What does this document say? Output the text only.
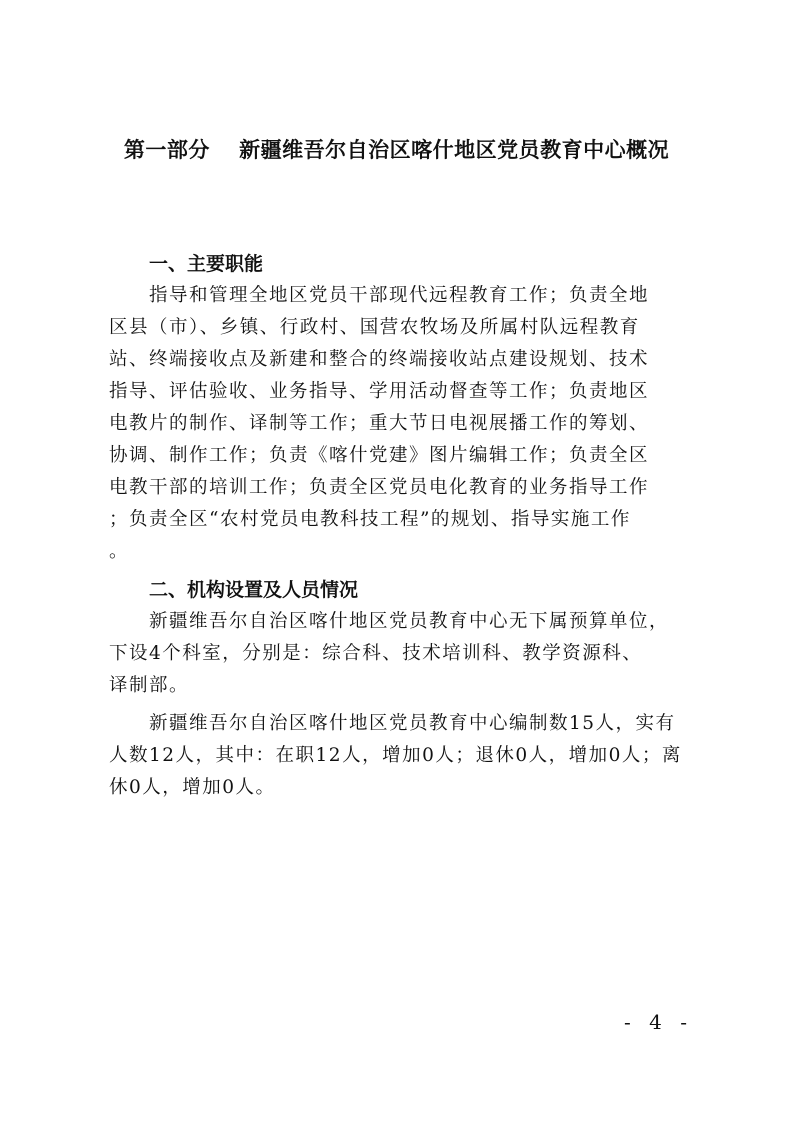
第一部分　 新疆维吾尔自治区喀什地区党员教育中心概况

一、主要职能

指导和管理全地区党员干部现代远程教育工作；负责全地
区县（市）、乡镇、行政村、国营农牧场及所属村队远程教育
站、终端接收点及新建和整合的终端接收站点建设规划、技术
指导、评估验收、业务指导、学用活动督查等工作；负责地区
电教片的制作、译制等工作；重大节日电视展播工作的筹划、
协调、制作工作；负责《喀什党建》图片编辑工作；负责全区
电教干部的培训工作；负责全区党员电化教育的业务指导工作
；负责全区“农村党员电教科技工程”的规划、指导实施工作
。

二、机构设置及人员情况

新疆维吾尔自治区喀什地区党员教育中心无下属预算单位，
下设4个科室，分别是：综合科、技术培训科、教学资源科、
译制部。
新疆维吾尔自治区喀什地区党员教育中心编制数15人，实有
人数12人，其中：在职12人，增加0人；退休0人，增加0人；离
休0人，增加0人。
- 4 -
